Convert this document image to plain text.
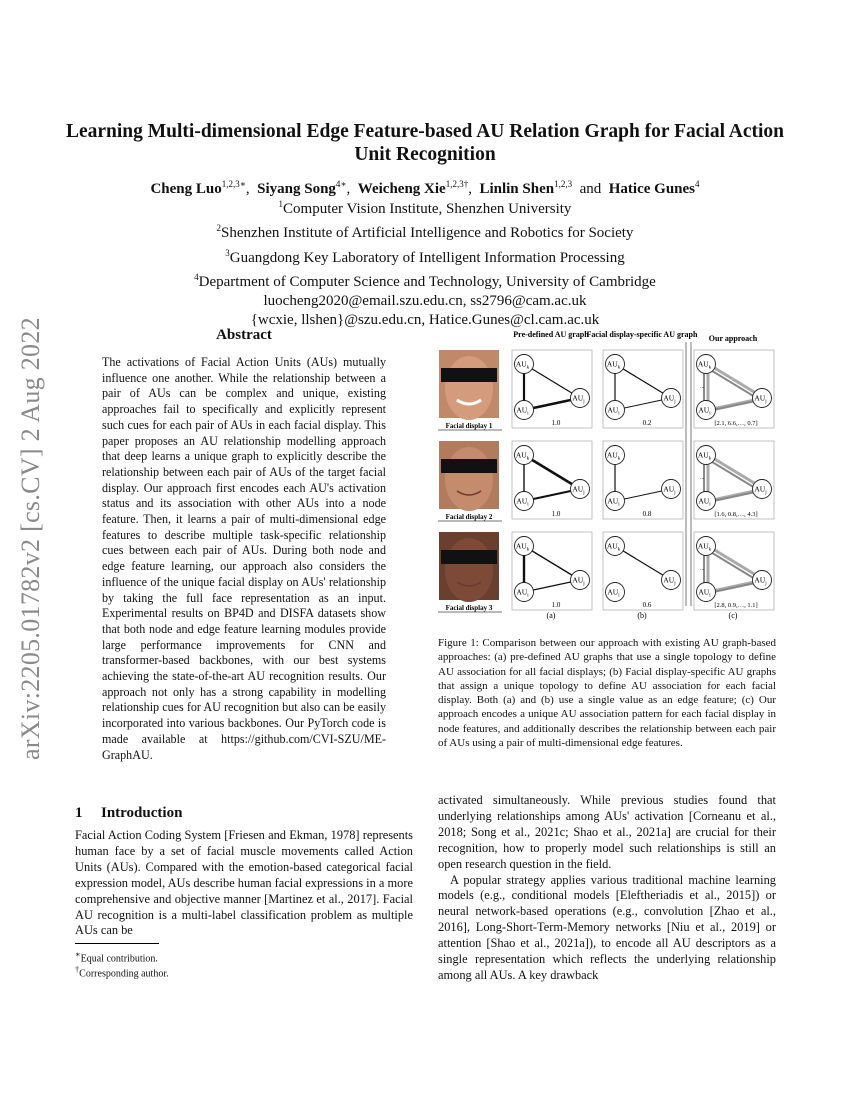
Learning Multi-dimensional Edge Feature-based AU Relation Graph for Facial Action Unit Recognition
Cheng Luo$^{1,2,3∗}$, Siyang Song$^{4∗}$, Weicheng Xie$^{1,2,3\dagger}$, Linlin Shen$^{1,2,3}$ and Hatice Gunes$^4$
$^1$Computer Vision Institute, Shenzhen University
$^2$Shenzhen Institute of Artificial Intelligence and Robotics for Society
$^3$Guangdong Key Laboratory of Intelligent Information Processing
$^4$Department of Computer Science and Technology, University of Cambridge
luocheng2020@email.szu.edu.cn, ss2796@cam.ac.uk
{wcxie, llshen}@szu.edu.cn, Hatice.Gunes@cl.cam.ac.uk
arXiv:2205.01782v2 [cs.CV] 2 Aug 2022	Abstract
The activations of Facial Action Units (AUs) mutually influence one another. While the relationship between a pair of AUs can be complex and unique, existing approaches fail to specifically and explicitly represent such cues for each pair of AUs in each facial display. This paper proposes an AU relationship modelling approach that deep learns a unique graph to explicitly describe the relationship between each pair of AUs of the target facial display. Our approach first encodes each AU's activation status and its association with other AUs into a node feature. Then, it learns a pair of multi-dimensional edge features to describe multiple task-specific relationship cues between each pair of AUs. During both node and edge feature learning, our approach also considers the influence of the unique facial display on AUs' relationship by taking the full face representation as an input. Experimental results on BP4D and DISFA datasets show that both node and edge feature learning modules provide large performance improvements for CNN and transformer-based backbones, with our best systems achieving the state-of-the-art AU recognition results. Our approach not only has a strong capability in modelling relationship cues for AU recognition but also can be easily incorporated into various backbones. Our PyTorch code is made available at https://github.com/CVI-SZU/ME-GraphAU.
Pre-defined AU graph
Facial display-specific AU graph Our approach
Facial display 1	1.0
$AU_k$
$AU_i$
$AU_j$
0.2
$AU_k$
$AU_i$
$AU_j$
...
[2.1, 6.6,…, 0.7]
$AU_k$
$AU_i$
$AU_j$
Facial display 2	1.0
$AU_k$
$AU_i$
$AU_j$
0.8
$AU_k$
$AU_i$
$AU_j$
...
[1.6, 0.8,…, 4.3]
$AU_k$
$AU_i$
$AU_j$
Facial display 3	1.0
$AU_k$
$AU_i$
$AU_j$
0.6
$AU_k$
$AU_i$
$AU_j$
...
[2.8, 0.9,…, 1.1]
$AU_k$
$AU_i$
$AU_j$
(a)	(b)	(c)
Figure 1: Comparison between our approach with existing AU graph-based approaches: (a) pre-defined AU graphs that use a single topology to define AU association for all facial displays; (b) Facial display-specific AU graphs that assign a unique topology to define AU association for each facial display. Both (a) and (b) use a single value as an edge feature; (c) Our approach encodes a unique AU association pattern for each facial display in node features, and additionally describes the relationship between each pair of AUs using a pair of multi-dimensional edge features.
1 Introduction
Facial Action Coding System [Friesen and Ekman, 1978] represents human face by a set of facial muscle movements called Action Units (AUs). Compared with the emotion-based categorical facial expression model, AUs describe human facial expressions in a more comprehensive and objective manner [Martinez et al., 2017]. Facial AU recognition is a multi-label classification problem as multiple AUs can be

activated simultaneously. While previous studies found that underlying relationships among AUs' activation [Corneanu et al., 2018; Song et al., 2021c; Shao et al., 2021a] are crucial for their recognition, how to properly model such relationships is still an open research question in the field.

A popular strategy applies various traditional machine learning models (e.g., conditional models [Eleftheriadis et al., 2015]) or neural network-based operations (e.g., convolution [Zhao et al., 2016], Long-Short-Term-Memory networks [Niu et al., 2019] or attention [Shao et al., 2021a]), to encode all AU descriptors as a single representation which reflects the underlying relationship among all AUs. A key drawback

∗Equal contribution.
†Corresponding author.
